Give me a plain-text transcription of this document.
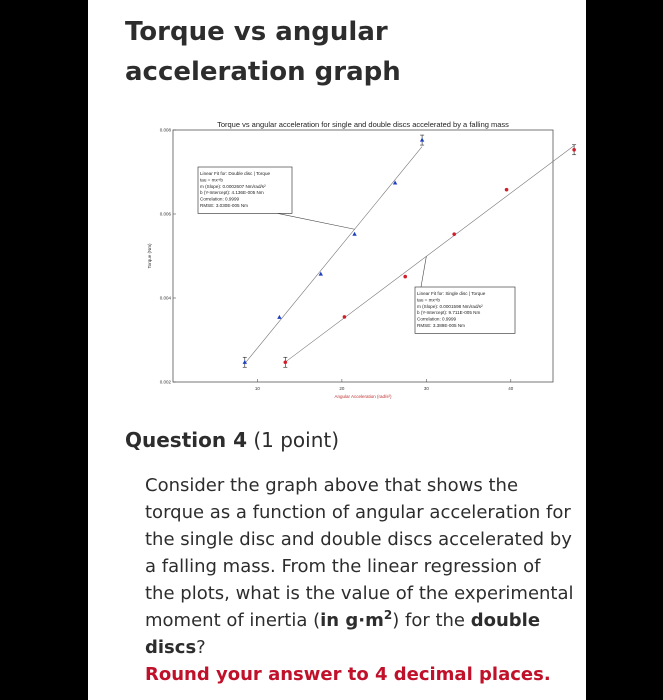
Torque vs angular acceleration graph
Torque vs angular acceleration for single and double discs accelerated by a falling mass
10	20	30	40
0.002
0.004
0.006
0.008
Angular Acceleration (rad/s²)
Torque (Nm)
Linear Fit for: Double disc | Torque
tau = mx+b
m (Slope): 0.0002607 Nm/rad/s²
b (Y-Intercept): 4.136E-005 Nm
Correlation: 0.9999
RMSE: 3.030E-005 Nm
Linear Fit for: Single disc | Torque
tau = mx+b
m (Slope): 0.0001598 Nm/rad/s²
b (Y-Intercept): 9.711E-005 Nm
Correlation: 0.9999
RMSE: 3.389E-005 Nm
Question 4 (1 point)

Consider the graph above that shows the torque as a function of angular acceleration for the single disc and double discs accelerated by a falling mass. From the linear regression of the plots, what is the value of the experimental moment of inertia (in $g\cdot m^2$) for the double discs?
Round your answer to 4 decimal places.
